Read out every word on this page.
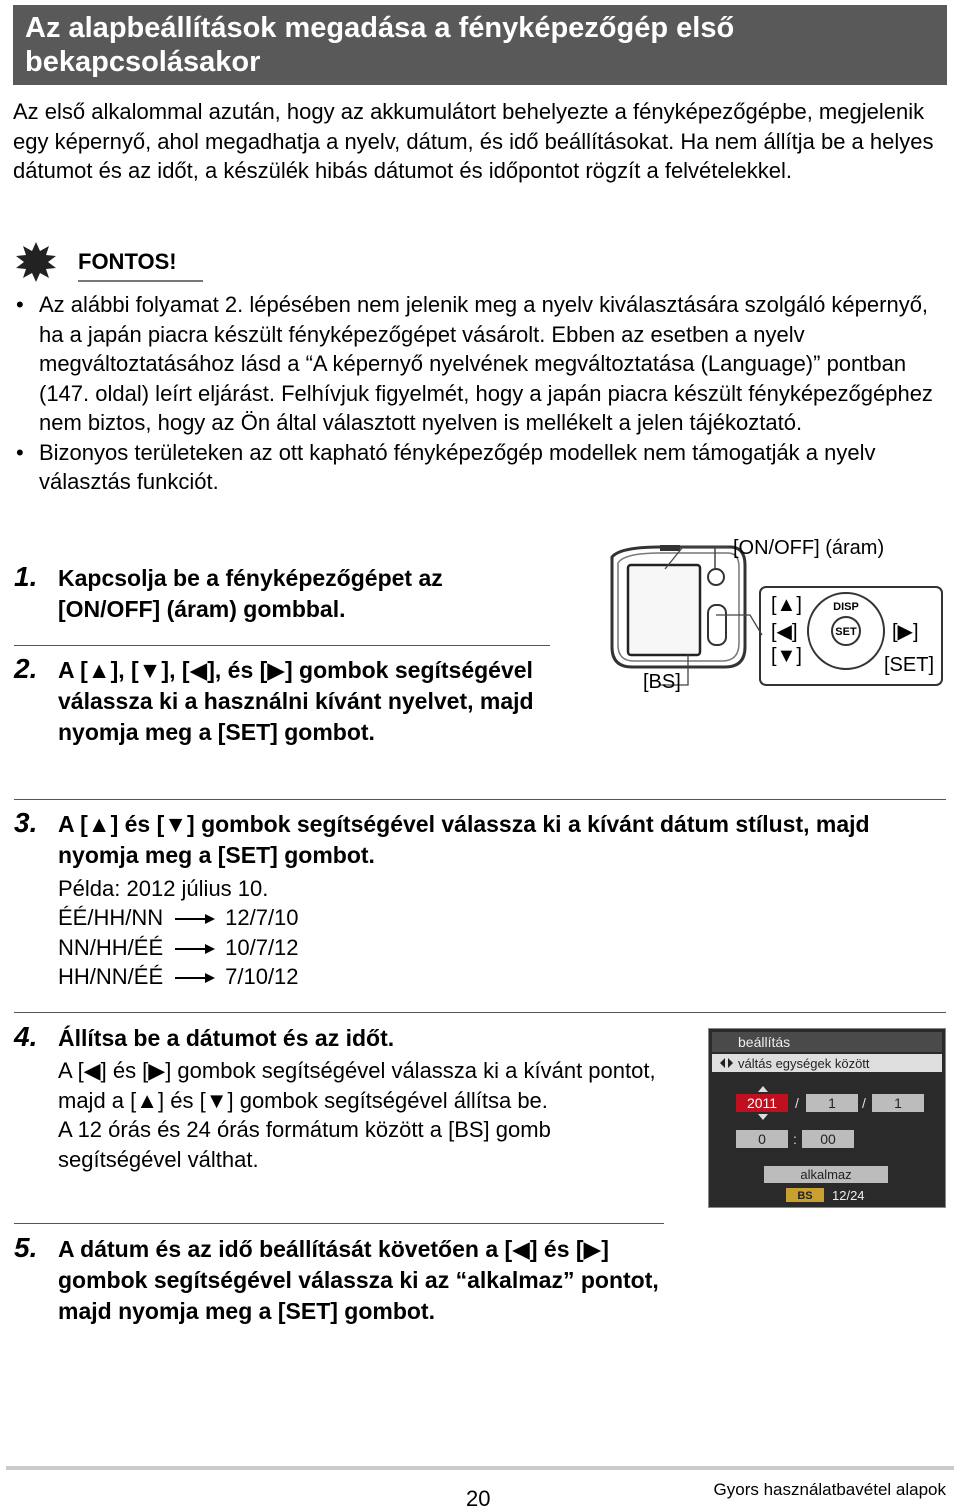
Az alapbeállítások megadása a fényképezőgép első bekapcsolásakor
Az első alkalommal azután, hogy az akkumulátort behelyezte a fényképezőgépbe, megjelenik egy képernyő, ahol megadhatja a nyelv, dátum, és idő beállításokat. Ha nem állítja be a helyes dátumot és az időt, a készülék hibás dátumot és időpontot rögzít a felvételekkel.
FONTOS!

• Az alábbi folyamat 2. lépésében nem jelenik meg a nyelv kiválasztására szolgáló képernyő, ha a japán piacra készült fényképezőgépet vásárolt. Ebben az esetben a nyelv megváltoztatásához lásd a “A képernyő nyelvének megváltoztatása (Language)” pontban (147. oldal) leírt eljárást. Felhívjuk figyelmét, hogy a japán piacra készült fényképezőgéphez nem biztos, hogy az Ön által választott nyelven is mellékelt a jelen tájékoztató.

• Bizonyos területeken az ott kapható fényképezőgép modellek nem támogatják a nyelv választás funkciót.

1. Kapcsolja be a fényképezőgépet az [ON/OFF] (áram) gombbal.
2. A [▲], [▼], [◀], és [▶] gombok segítségével válassza ki a használni kívánt nyelvet, majd nyomja meg a [SET] gombot.
DISP
SET
[ON/OFF] (áram)
[▲]
[◀]
[▼]
[▶]
[SET]
[BS]
3. A [▲] és [▼] gombok segítségével válassza ki a kívánt dátum stílust, majd nyomja meg a [SET] gombot.
Példa: 2012 július 10.
ÉÉ/HH/NN	12/7/10
NN/HH/ÉÉ	10/7/12
HH/NN/ÉÉ	7/10/12
4. Állítsa be a dátumot és az időt.
A [◀] és [▶] gombok segítségével válassza ki a kívánt pontot, majd a [▲] és [▼] gombok segítségével állítsa be.
A 12 órás és 24 órás formátum között a [BS] gomb segítségével válthat.
beállítás
váltás egységek között
2011 / 1 / 1
0 : 00
alkalmaz
BS 12/24
5. A dátum és az idő beállítását követően a [◀] és [▶] gombok segítségével válassza ki az “alkalmaz” pontot, majd nyomja meg a [SET] gombot.
20	Gyors használatbavétel alapok
